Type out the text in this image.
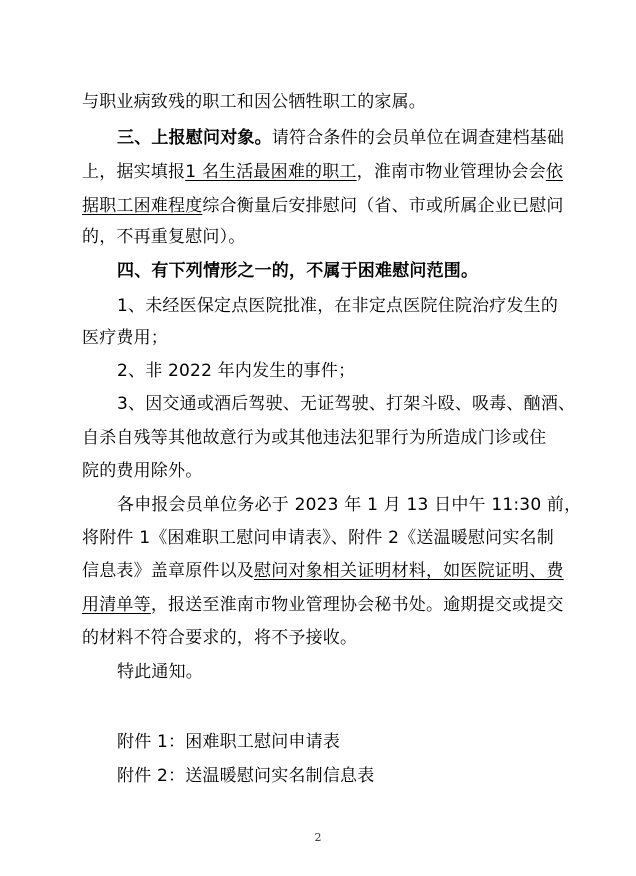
与职业病致残的职工和因公牺牲职工的家属。
三、上报慰问对象。请符合条件的会员单位在调查建档基础
上，据实填报1 名生活最困难的职工，淮南市物业管理协会会依
据职工困难程度综合衡量后安排慰问（省、市或所属企业已慰问
的，不再重复慰问）。
四、有下列情形之一的，不属于困难慰问范围。
1、未经医保定点医院批准，在非定点医院住院治疗发生的
医疗费用；
2、非 2022 年内发生的事件；
3、因交通或酒后驾驶、无证驾驶、打架斗殴、吸毒、酗酒、
自杀自残等其他故意行为或其他违法犯罪行为所造成门诊或住
院的费用除外。
各申报会员单位务必于 2023 年 1 月 13 日中午 11:30 前，
将附件 1《困难职工慰问申请表》、附件 2《送温暖慰问实名制
信息表》盖章原件以及慰问对象相关证明材料，如医院证明、费
用清单等，报送至淮南市物业管理协会秘书处。逾期提交或提交
的材料不符合要求的，将不予接收。
特此通知。
附件 1：困难职工慰问申请表
附件 2：送温暖慰问实名制信息表
2
